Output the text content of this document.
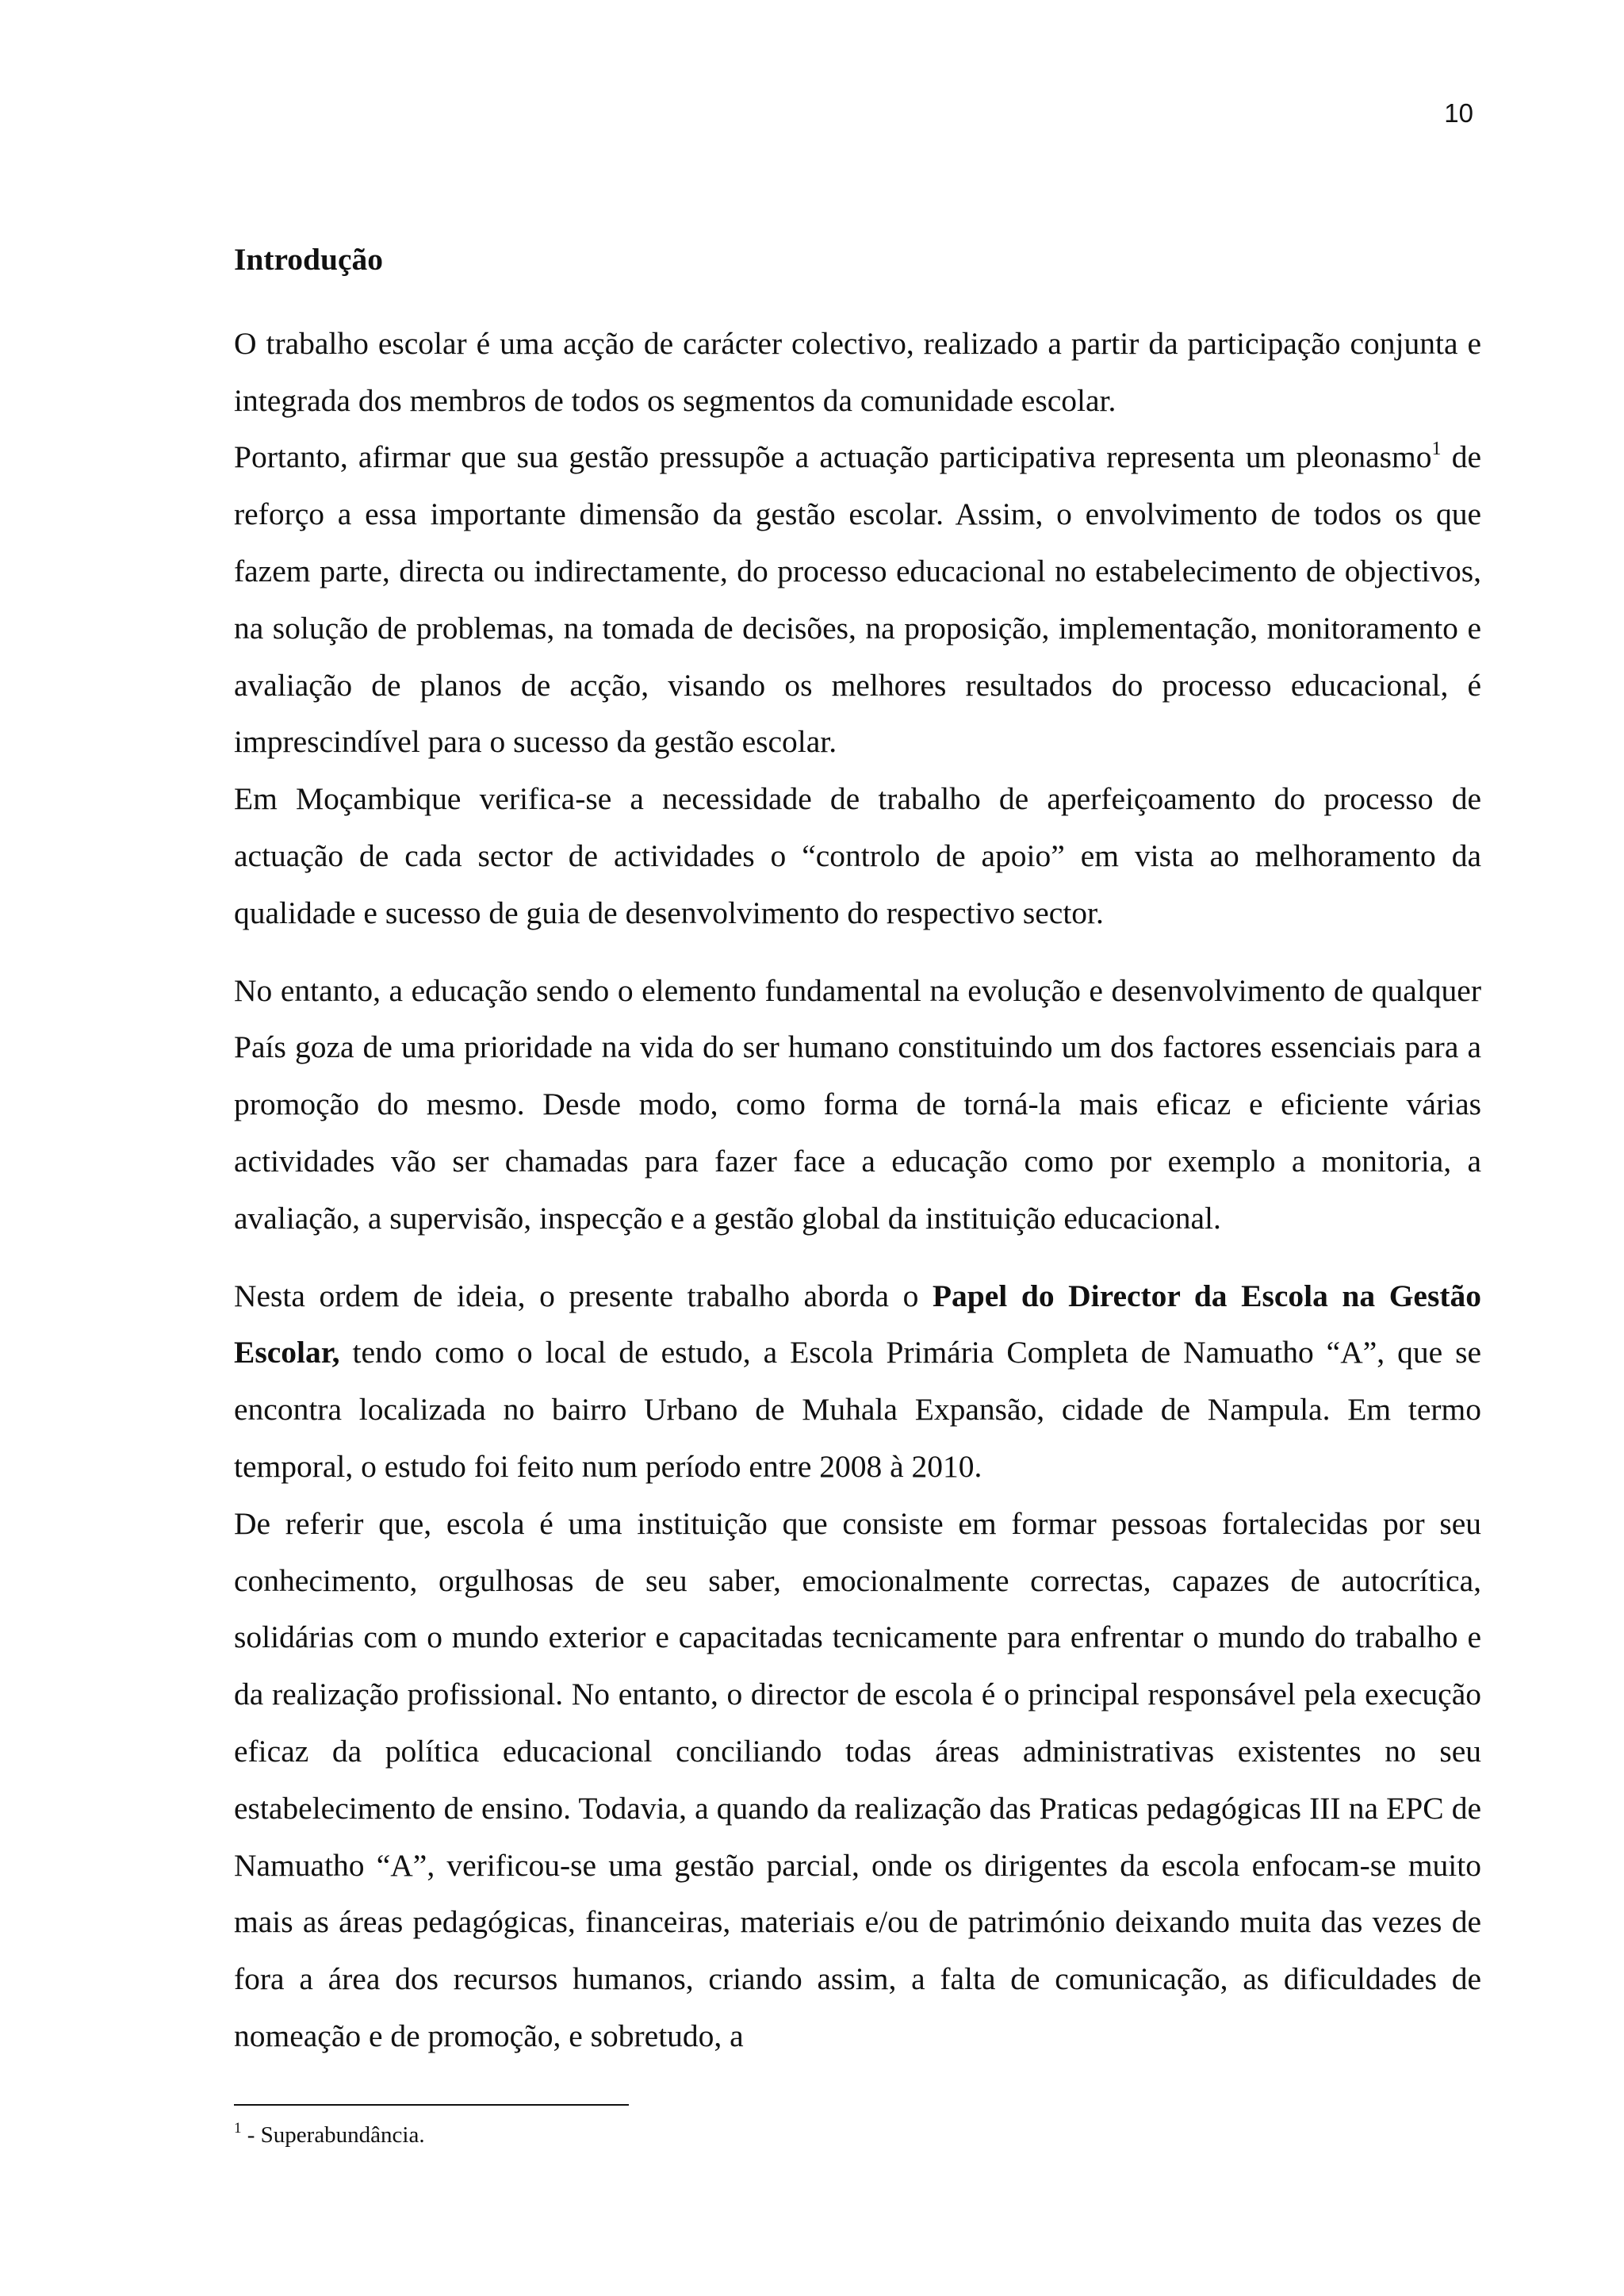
10

Introdução

O trabalho escolar é uma acção de carácter colectivo, realizado a partir da participação conjunta e integrada dos membros de todos os segmentos da comunidade escolar.

Portanto, afirmar que sua gestão pressupõe a actuação participativa representa um pleonasmo$^1$ de reforço a essa importante dimensão da gestão escolar. Assim, o envolvimento de todos os que fazem parte, directa ou indirectamente, do processo educacional no estabelecimento de objectivos, na solução de problemas, na tomada de decisões, na proposição, implementação, monitoramento e avaliação de planos de acção, visando os melhores resultados do processo educacional, é imprescindível para o sucesso da gestão escolar.

Em Moçambique verifica-se a necessidade de trabalho de aperfeiçoamento do processo de actuação de cada sector de actividades o “controlo de apoio” em vista ao melhoramento da qualidade e sucesso de guia de desenvolvimento do respectivo sector.

No entanto, a educação sendo o elemento fundamental na evolução e desenvolvimento de qualquer País goza de uma prioridade na vida do ser humano constituindo um dos factores essenciais para a promoção do mesmo. Desde modo, como forma de torná-la mais eficaz e eficiente várias actividades vão ser chamadas para fazer face a educação como por exemplo a monitoria, a avaliação, a supervisão, inspecção e a gestão global da instituição educacional.

Nesta ordem de ideia, o presente trabalho aborda o Papel do Director da Escola na Gestão Escolar, tendo como o local de estudo, a Escola Primária Completa de Namuatho “A”, que se encontra localizada no bairro Urbano de Muhala Expansão, cidade de Nampula. Em termo temporal, o estudo foi feito num período entre 2008 à 2010.

De referir que, escola é uma instituição que consiste em formar pessoas fortalecidas por seu conhecimento, orgulhosas de seu saber, emocionalmente correctas, capazes de autocrítica, solidárias com o mundo exterior e capacitadas tecnicamente para enfrentar o mundo do trabalho e da realização profissional. No entanto, o director de escola é o principal responsável pela execução eficaz da política educacional conciliando todas áreas administrativas existentes no seu estabelecimento de ensino. Todavia, a quando da realização das Praticas pedagógicas III na EPC de Namuatho “A”, verificou-se uma gestão parcial, onde os dirigentes da escola enfocam-se muito mais as áreas pedagógicas, financeiras, materiais e/ou de património deixando muita das vezes de fora a área dos recursos humanos, criando assim, a falta de comunicação, as dificuldades de nomeação e de promoção, e sobretudo, a

$^1$ - Superabundância.
